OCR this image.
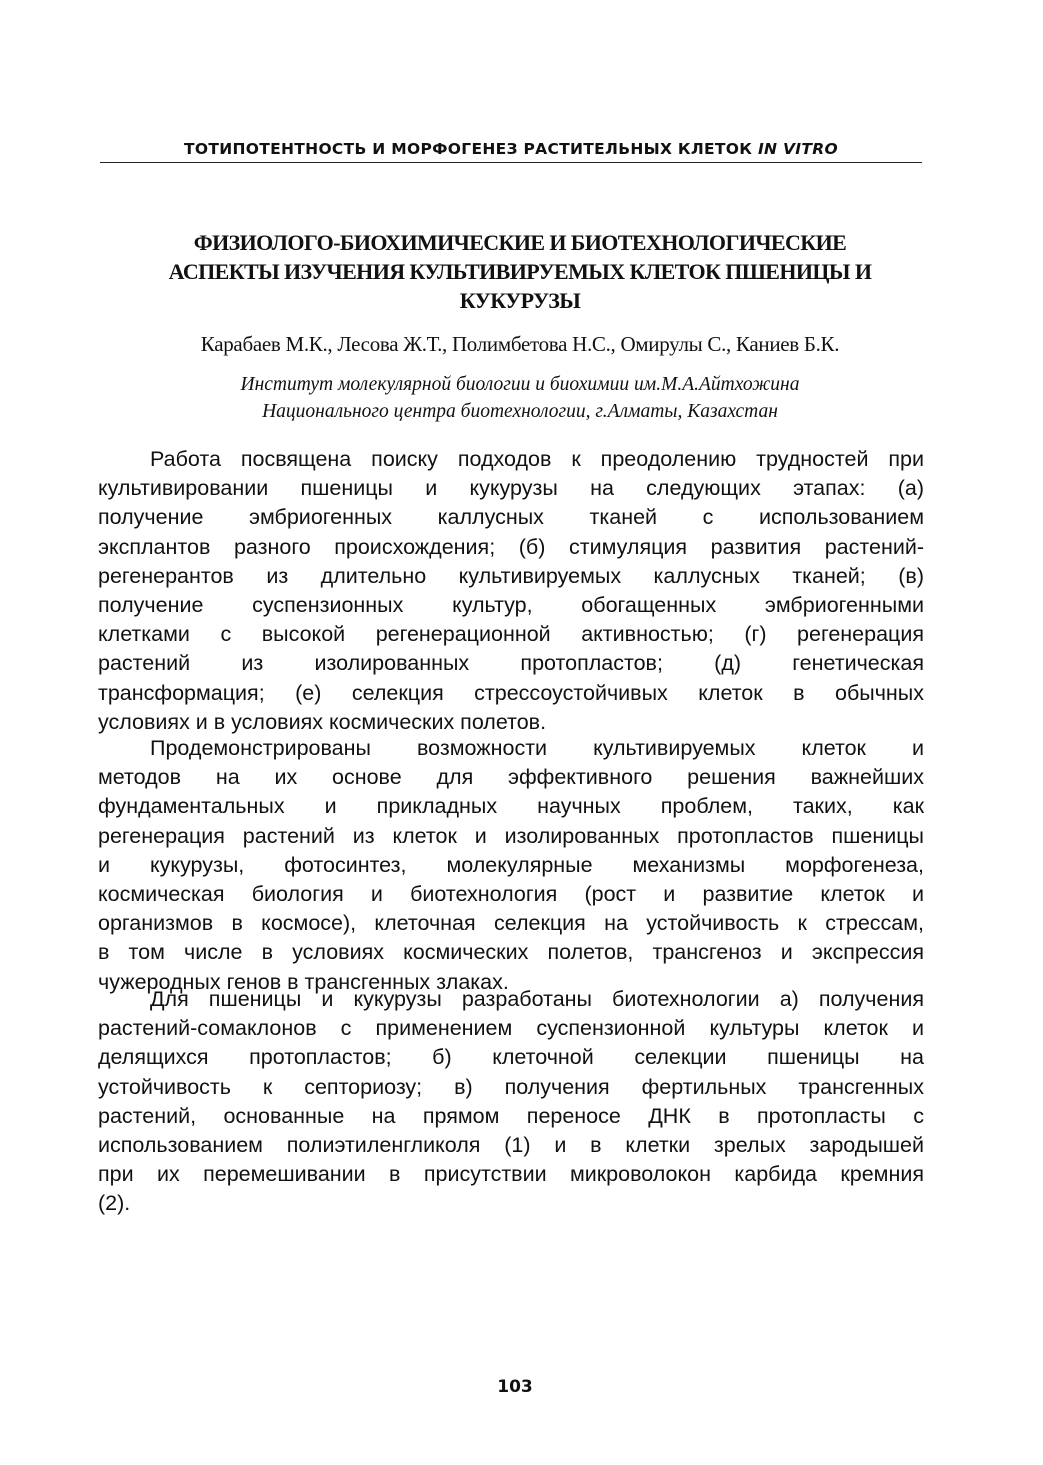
ТОТИПОТЕНТНОСТЬ И МОРФОГЕНЕЗ РАСТИТЕЛЬНЫХ КЛЕТОК IN VITRO
ФИЗИОЛОГО-БИОХИМИЧЕСКИЕ И БИОТЕХНОЛОГИЧЕСКИЕ
АСПЕКТЫ ИЗУЧЕНИЯ КУЛЬТИВИРУЕМЫХ КЛЕТОК ПШЕНИЦЫ И
КУКУРУЗЫ
Карабаев М.К., Лесова Ж.Т., Полимбетова Н.С., Омирулы С., Каниев Б.К.
Институт молекулярной биологии и биохимии им.М.А.Айтхожина
Национального центра биотехнологии, г.Алматы, Казахстан
Работа посвящена поиску подходов к преодолению трудностей при
культивировании пшеницы и кукурузы на следующих этапах: (а)
получение эмбриогенных каллусных тканей с использованием
эксплантов разного происхождения; (б) стимуляция развития растений-
регенерантов из длительно культивируемых каллусных тканей; (в)
получение суспензионных культур, обогащенных эмбриогенными
клетками с высокой регенерационной активностью; (г) регенерация
растений из изолированных протопластов; (д) генетическая
трансформация; (е) селекция стрессоустойчивых клеток в обычных
условиях и в условиях космических полетов.
Продемонстрированы возможности культивируемых клеток и
методов на их основе для эффективного решения важнейших
фундаментальных и прикладных научных проблем, таких, как
регенерация растений из клеток и изолированных протопластов пшеницы
и кукурузы, фотосинтез, молекулярные механизмы морфогенеза,
космическая биология и биотехнология (рост и развитие клеток и
организмов в космосе), клеточная селекция на устойчивость к стрессам,
в том числе в условиях космических полетов, трансгеноз и экспрессия
чужеродных генов в трансгенных злаках.
Для пшеницы и кукурузы разработаны биотехнологии а) получения
растений-сомаклонов с применением суспензионной культуры клеток и
делящихся протопластов; б) клеточной селекции пшеницы на
устойчивость к септориозу; в) получения фертильных трансгенных
растений, основанные на прямом переносе ДНК в протопласты с
использованием полиэтиленгликоля (1) и в клетки зрелых зародышей
при их перемешивании в присутствии микроволокон карбида кремния
(2).
103
